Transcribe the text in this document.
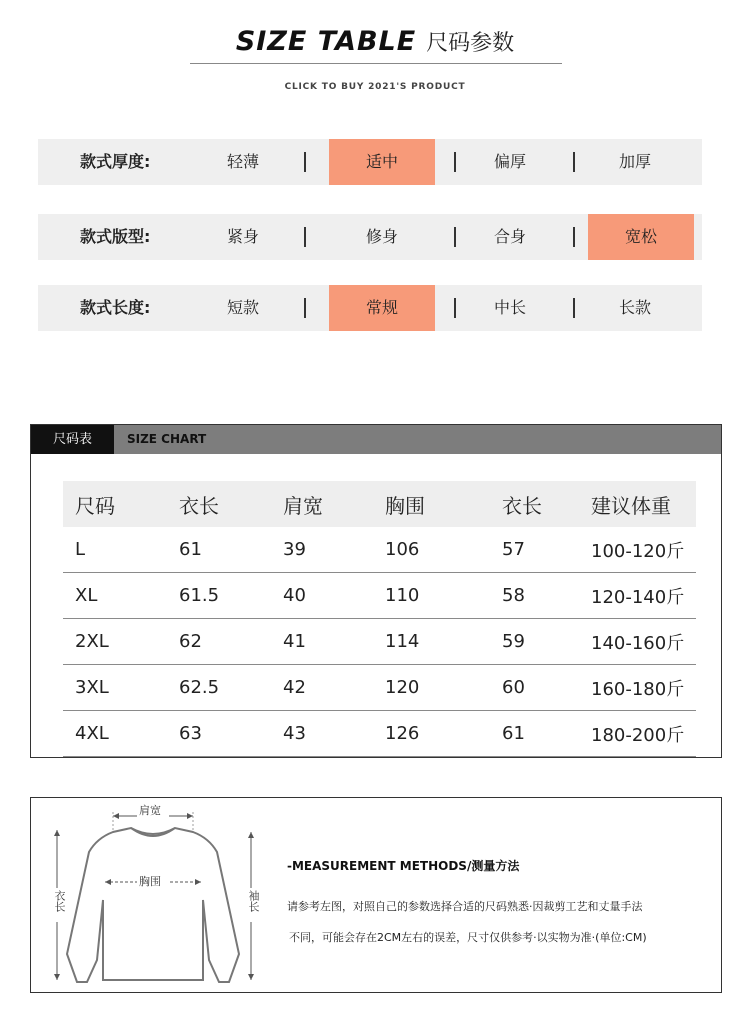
SIZE TABLE 尺码参数
CLICK TO BUY 2021'S PRODUCT
款式厚度:	轻薄	适中	偏厚	加厚
款式版型:	紧身	修身	合身	宽松
款式长度:	短款	常规	中长	长款
尺码表	SIZE CHART
尺码	衣长	肩宽	胸围	衣长	建议体重
L	61	39	106	57	100-120斤
XL	61.5	40	110	58	120-140斤
2XL	62	41	114	59	140-160斤
3XL	62.5	42	120	60	160-180斤
4XL	63	43	126	61	180-200斤
肩宽
胸围
衣长	袖长
-MEASUREMENT METHODS/测量方法
请参考左图，对照自己的参数选择合适的尺码熟悉·因裁剪工艺和丈量手法
不同，可能会存在2CM左右的误差，尺寸仅供参考·以实物为准·(单位:CM)
